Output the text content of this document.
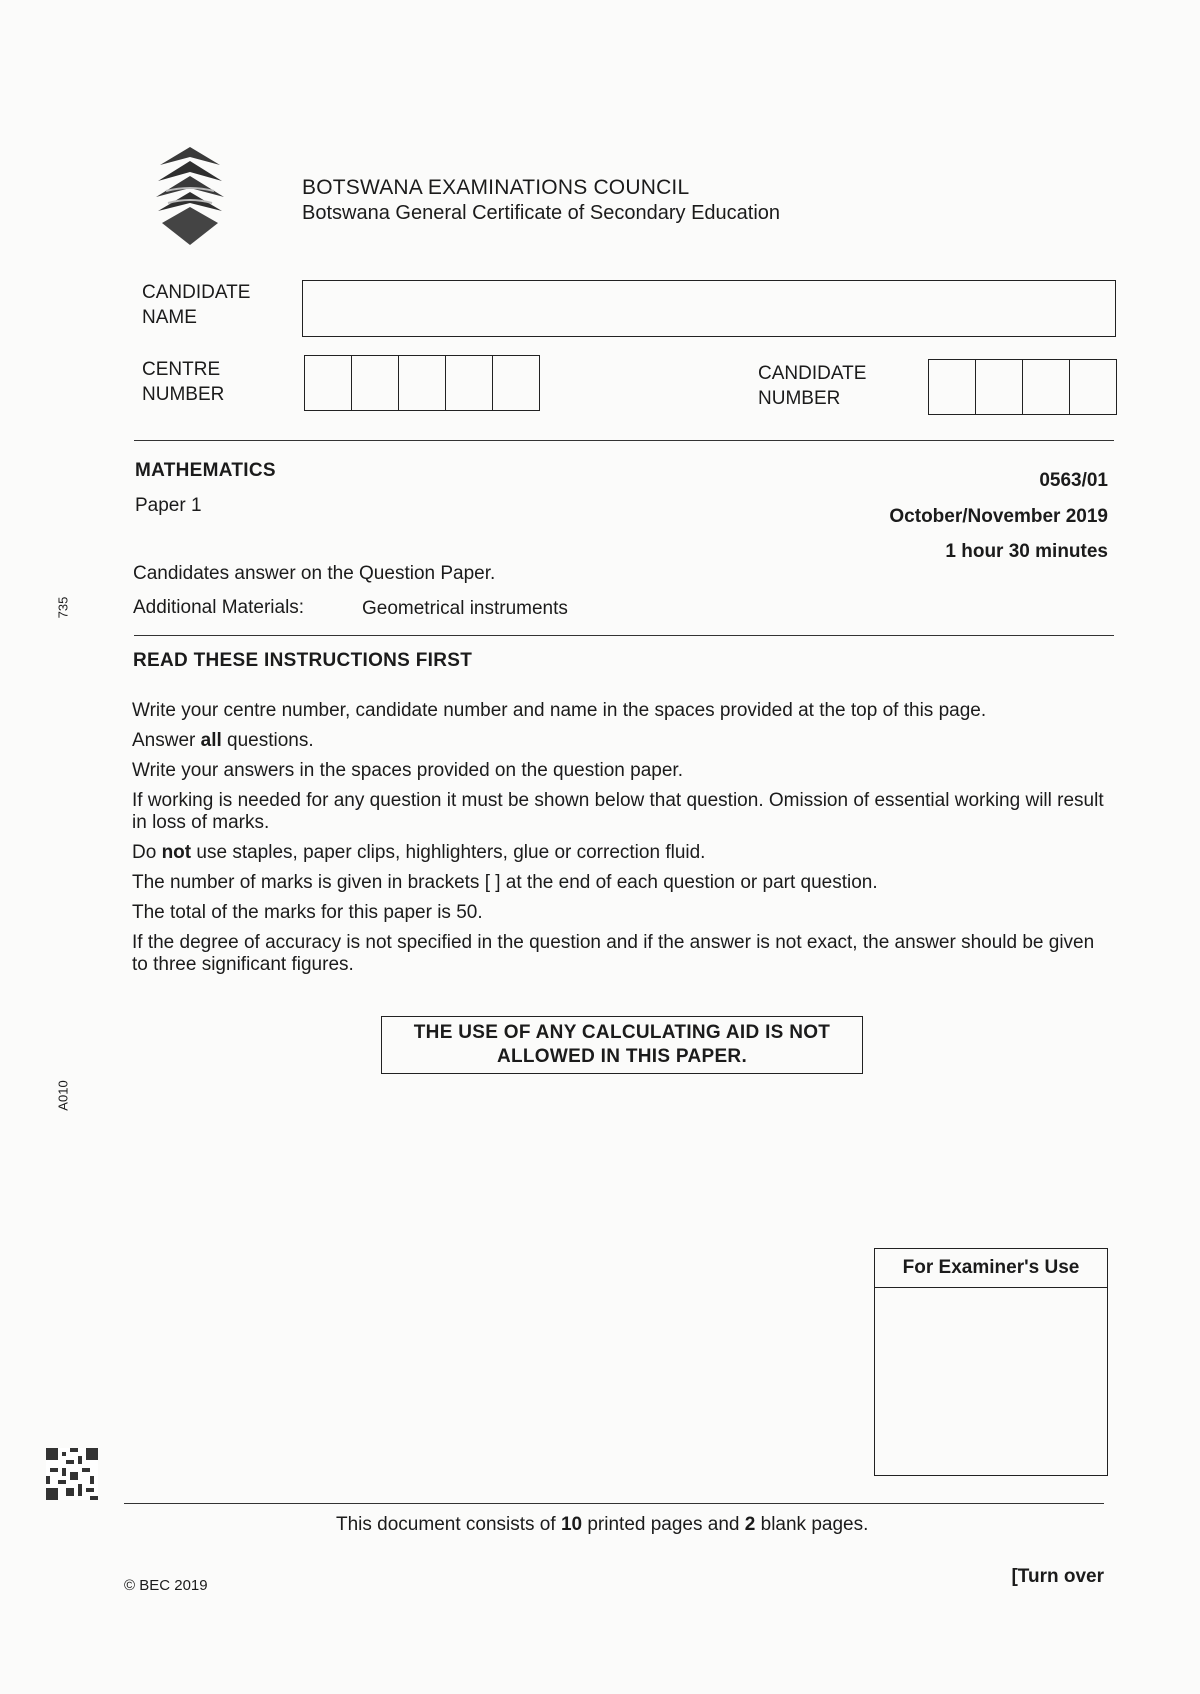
BOTSWANA EXAMINATIONS COUNCIL
Botswana General Certificate of Secondary Education
CANDIDATE
NAME
CENTRE
NUMBER
CANDIDATE
NUMBER
MATHEMATICS
Paper 1
0563/01
October/November 2019
1 hour 30 minutes
Candidates answer on the Question Paper.
Additional Materials:	Geometrical instruments
READ THESE INSTRUCTIONS FIRST

Write your centre number, candidate number and name in the spaces provided at the top of this page.

Answer all questions.

Write your answers in the spaces provided on the question paper.

If working is needed for any question it must be shown below that question. Omission of essential working will result in loss of marks.

Do not use staples, paper clips, highlighters, glue or correction fluid.

The number of marks is given in brackets [ ] at the end of each question or part question.

The total of the marks for this paper is 50.

If the degree of accuracy is not specified in the question and if the answer is not exact, the answer should be given to three significant figures.

THE USE OF ANY CALCULATING AID IS NOT
ALLOWED IN THIS PAPER.
For Examiner's Use
735
A010
This document consists of 10 printed pages and 2 blank pages.
© BEC 2019	[Turn over
